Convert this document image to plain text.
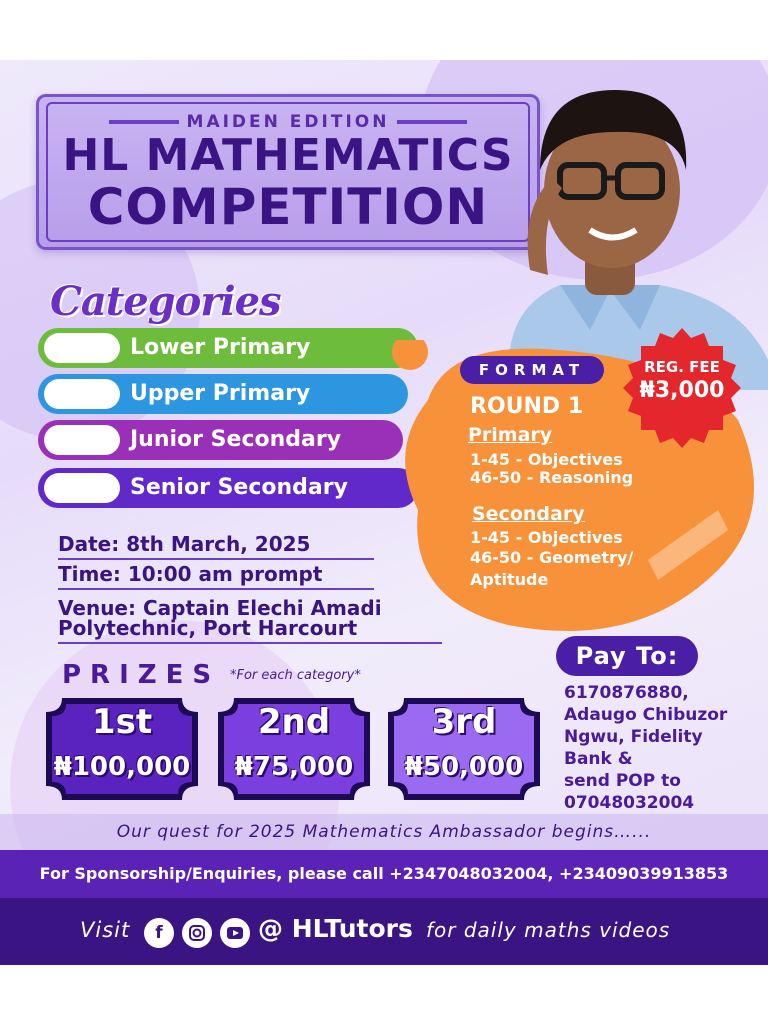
MAIDEN EDITION
HL MATHEMATICS
COMPETITION
Categories
Lower Primary
Upper Primary
Junior Secondary
Senior Secondary
FORMAT
ROUND 1
Primary
1-45 - Objectives
46-50 - Reasoning
Secondary
1-45 - Objectives
46-50 - Geometry/
Aptitude
REG. FEE
₦3,000
Date: 8th March, 2025
Time: 10:00 am prompt
Venue: Captain Elechi Amadi
Polytechnic, Port Harcourt
PRIZES *For each category*
1st
₦100,000
2nd
₦75,000
3rd
₦50,000
Pay To:
6170876880,
Adaugo Chibuzor
Ngwu, Fidelity
Bank &
send POP to
07048032004
Our quest for 2025 Mathematics Ambassador begins…...
For Sponsorship/Enquiries, please call +2347048032004, +23409039913853
Visit	f	@ HLTutors for daily maths videos
